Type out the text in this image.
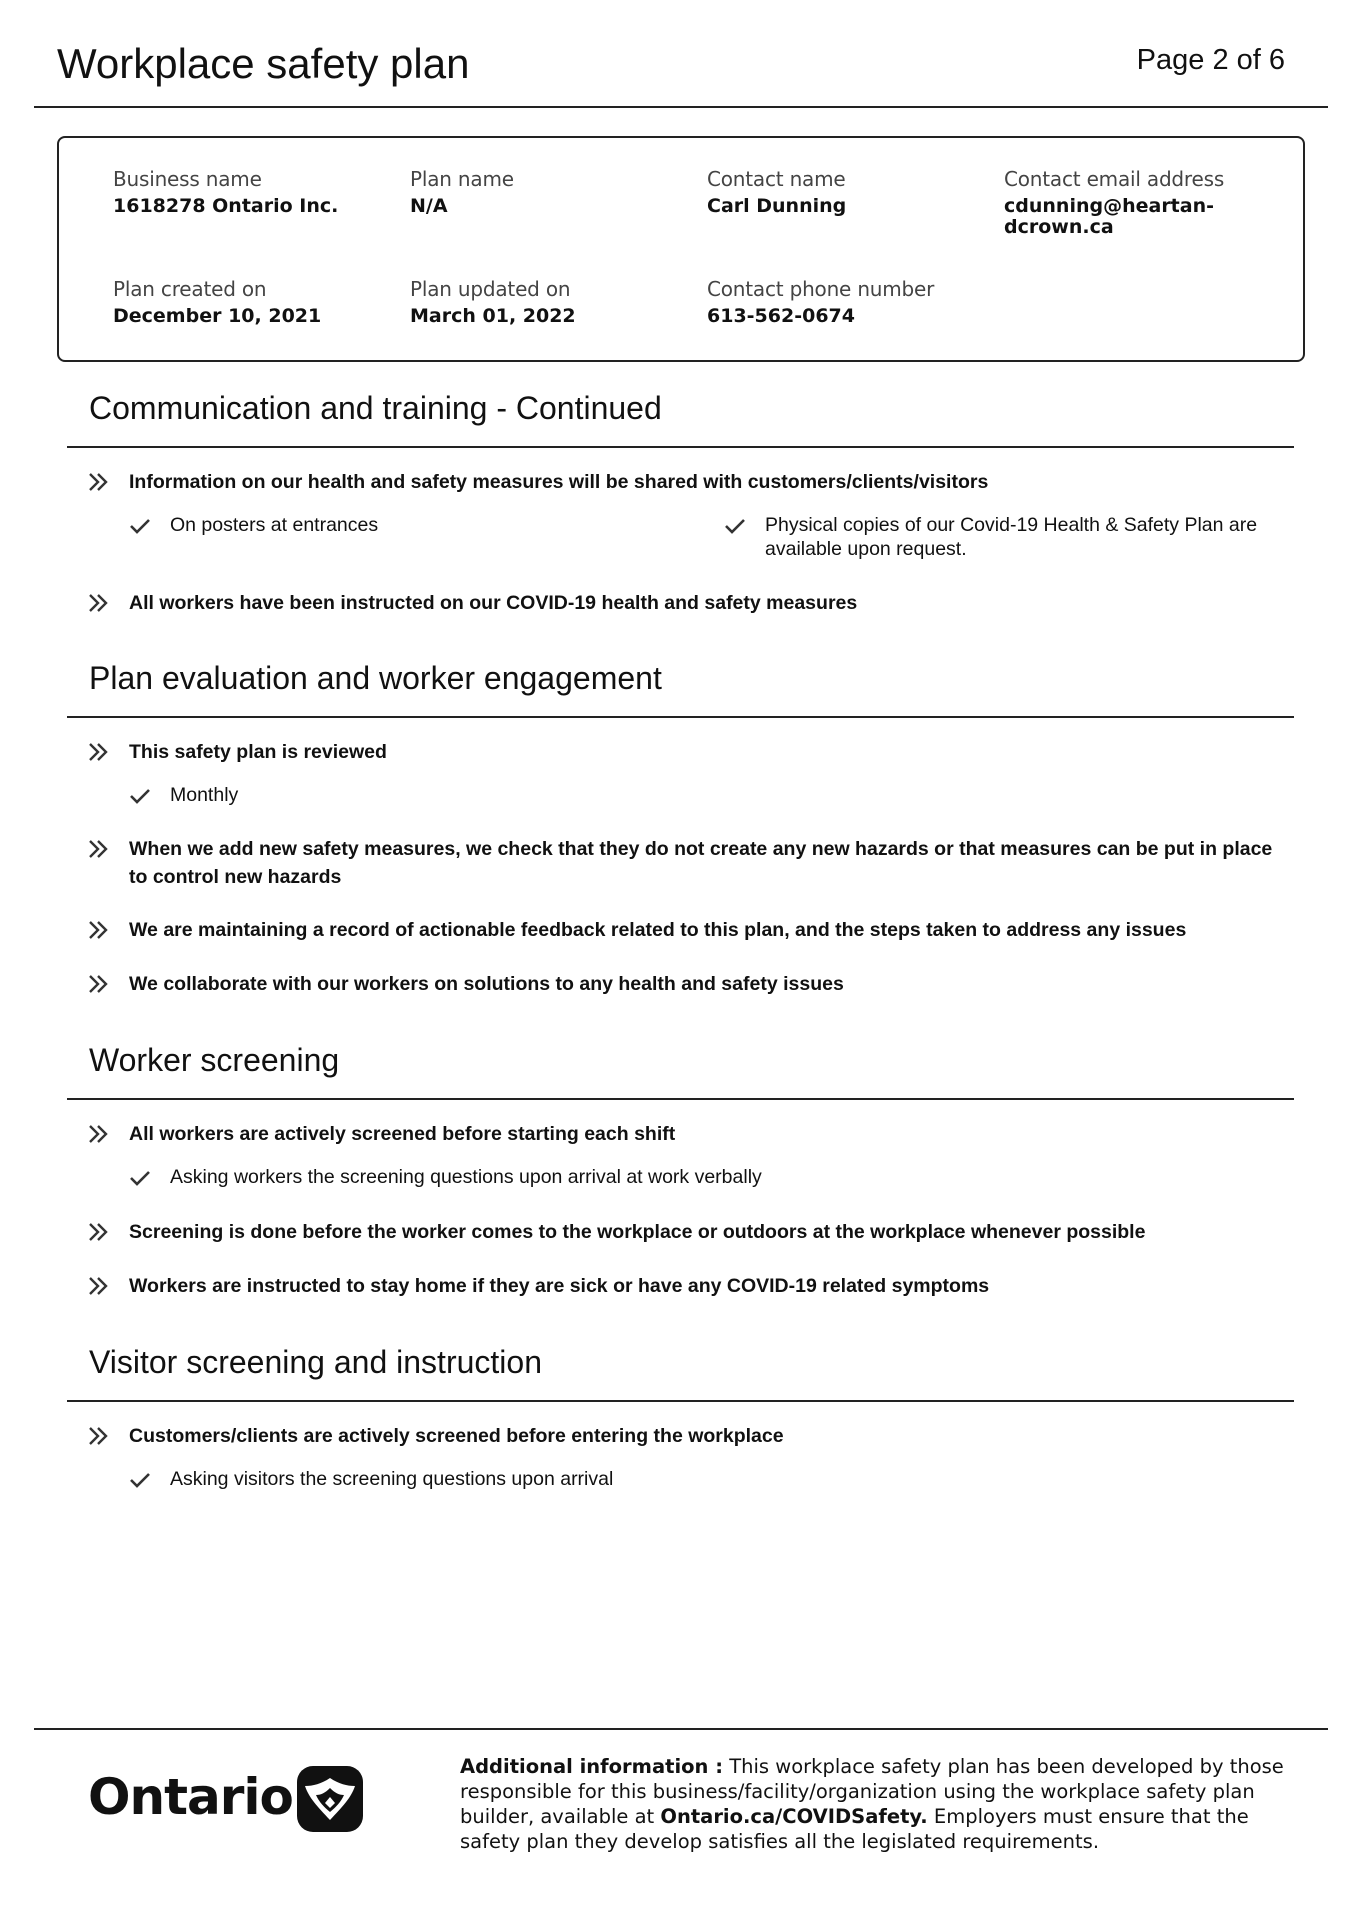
Workplace safety plan	Page 2 of 6
Business name
1618278 Ontario Inc.
Plan name
N/A
Contact name
Carl Dunning
Contact email address
cdunning@heartan-dcrown.ca
Plan created on
December 10, 2021
Plan updated on
March 01, 2022
Contact phone number
613-562-0674
Communication and training - Continued
Information on our health and safety measures will be shared with customers/clients/visitors
On posters at entrances	Physical copies of our Covid-19 Health & Safety Plan are available upon request.
All workers have been instructed on our COVID-19 health and safety measures
Plan evaluation and worker engagement
This safety plan is reviewed
Monthly
When we add new safety measures, we check that they do not create any new hazards or that measures can be put in place to control new hazards
We are maintaining a record of actionable feedback related to this plan, and the steps taken to address any issues
We collaborate with our workers on solutions to any health and safety issues
Worker screening
All workers are actively screened before starting each shift
Asking workers the screening questions upon arrival at work verbally
Screening is done before the worker comes to the workplace or outdoors at the workplace whenever possible
Workers are instructed to stay home if they are sick or have any COVID-19 related symptoms
Visitor screening and instruction
Customers/clients are actively screened before entering the workplace
Asking visitors the screening questions upon arrival
Ontario
Additional information : This workplace safety plan has been developed by those responsible for this business/facility/organization using the workplace safety plan builder, available at Ontario.ca/COVIDSafety. Employers must ensure that the safety plan they develop satisfies all the legislated requirements.
